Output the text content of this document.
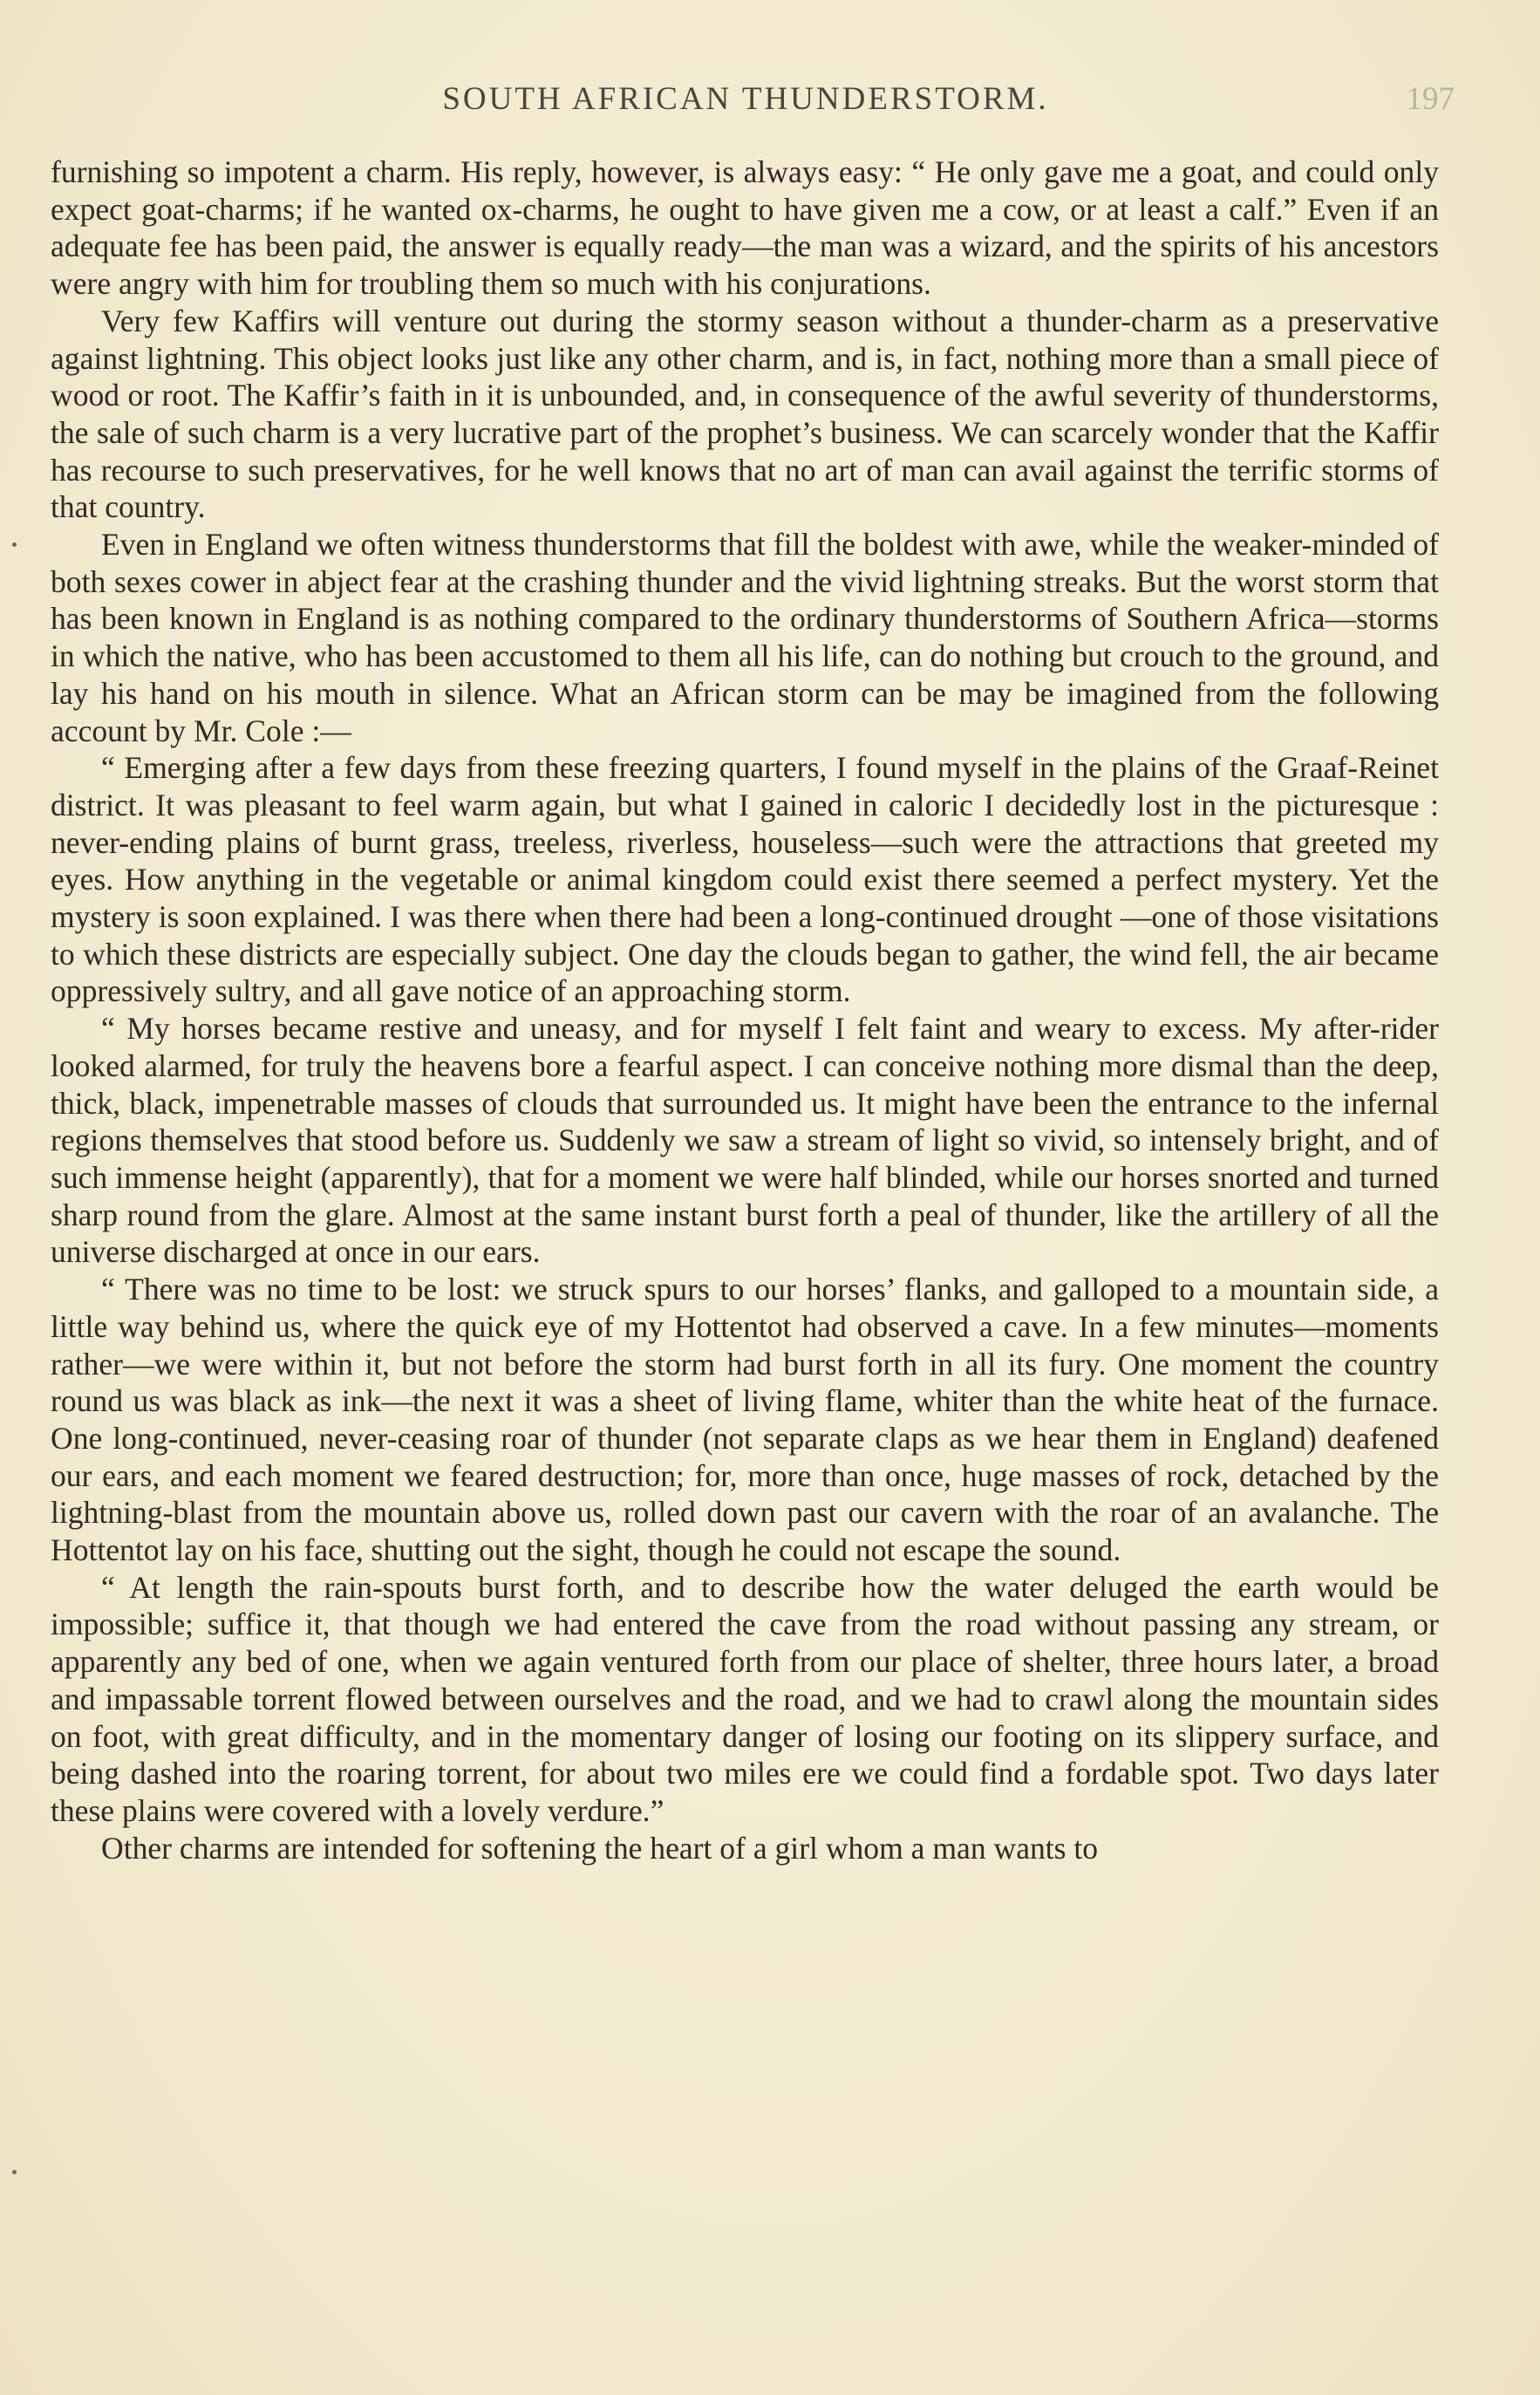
SOUTH AFRICAN THUNDERSTORM.	197

furnishing so impotent a charm. His reply, however, is always easy: “ He only gave me a goat, and could only expect goat-charms; if he wanted ox-charms, he ought to have given me a cow, or at least a calf.” Even if an adequate fee has been paid, the answer is equally ready—the man was a wizard, and the spirits of his ancestors were angry with him for troubling them so much with his conjurations.

Very few Kaffirs will venture out during the stormy season without a thunder-charm as a preservative against lightning. This object looks just like any other charm, and is, in fact, nothing more than a small piece of wood or root. The Kaffir’s faith in it is unbounded, and, in consequence of the awful severity of thunderstorms, the sale of such charm is a very lucrative part of the prophet’s business. We can scarcely wonder that the Kaffir has recourse to such preservatives, for he well knows that no art of man can avail against the terrific storms of that country.

Even in England we often witness thunderstorms that fill the boldest with awe, while the weaker-minded of both sexes cower in abject fear at the crashing thunder and the vivid lightning streaks. But the worst storm that has been known in England is as nothing compared to the ordinary thunderstorms of Southern Africa—storms in which the native, who has been accustomed to them all his life, can do nothing but crouch to the ground, and lay his hand on his mouth in silence. What an African storm can be may be imagined from the following account by Mr. Cole :—

“ Emerging after a few days from these freezing quarters, I found myself in the plains of the Graaf-Reinet district. It was pleasant to feel warm again, but what I gained in caloric I decidedly lost in the picturesque : never-ending plains of burnt grass, treeless, riverless, houseless—such were the attractions that greeted my eyes. How anything in the vegetable or animal kingdom could exist there seemed a perfect mystery. Yet the mystery is soon explained. I was there when there had been a long-continued drought —one of those visitations to which these districts are especially subject. One day the clouds began to gather, the wind fell, the air became oppressively sultry, and all gave notice of an approaching storm.

“ My horses became restive and uneasy, and for myself I felt faint and weary to excess. My after-rider looked alarmed, for truly the heavens bore a fearful aspect. I can conceive nothing more dismal than the deep, thick, black, impenetrable masses of clouds that surrounded us. It might have been the entrance to the infernal regions themselves that stood before us. Suddenly we saw a stream of light so vivid, so intensely bright, and of such immense height (apparently), that for a moment we were half blinded, while our horses snorted and turned sharp round from the glare. Almost at the same instant burst forth a peal of thunder, like the artillery of all the universe discharged at once in our ears.

“ There was no time to be lost: we struck spurs to our horses’ flanks, and galloped to a mountain side, a little way behind us, where the quick eye of my Hottentot had observed a cave. In a few minutes—moments rather—we were within it, but not before the storm had burst forth in all its fury. One moment the country round us was black as ink—the next it was a sheet of living flame, whiter than the white heat of the furnace. One long-continued, never-ceasing roar of thunder (not separate claps as we hear them in England) deafened our ears, and each moment we feared destruction; for, more than once, huge masses of rock, detached by the lightning-blast from the mountain above us, rolled down past our cavern with the roar of an avalanche. The Hottentot lay on his face, shutting out the sight, though he could not escape the sound.

“ At length the rain-spouts burst forth, and to describe how the water deluged the earth would be impossible; suffice it, that though we had entered the cave from the road without passing any stream, or apparently any bed of one, when we again ventured forth from our place of shelter, three hours later, a broad and impassable torrent flowed between ourselves and the road, and we had to crawl along the mountain sides on foot, with great difficulty, and in the momentary danger of losing our footing on its slippery surface, and being dashed into the roaring torrent, for about two miles ere we could find a fordable spot. Two days later these plains were covered with a lovely verdure.”

Other charms are intended for softening the heart of a girl whom a man wants to
